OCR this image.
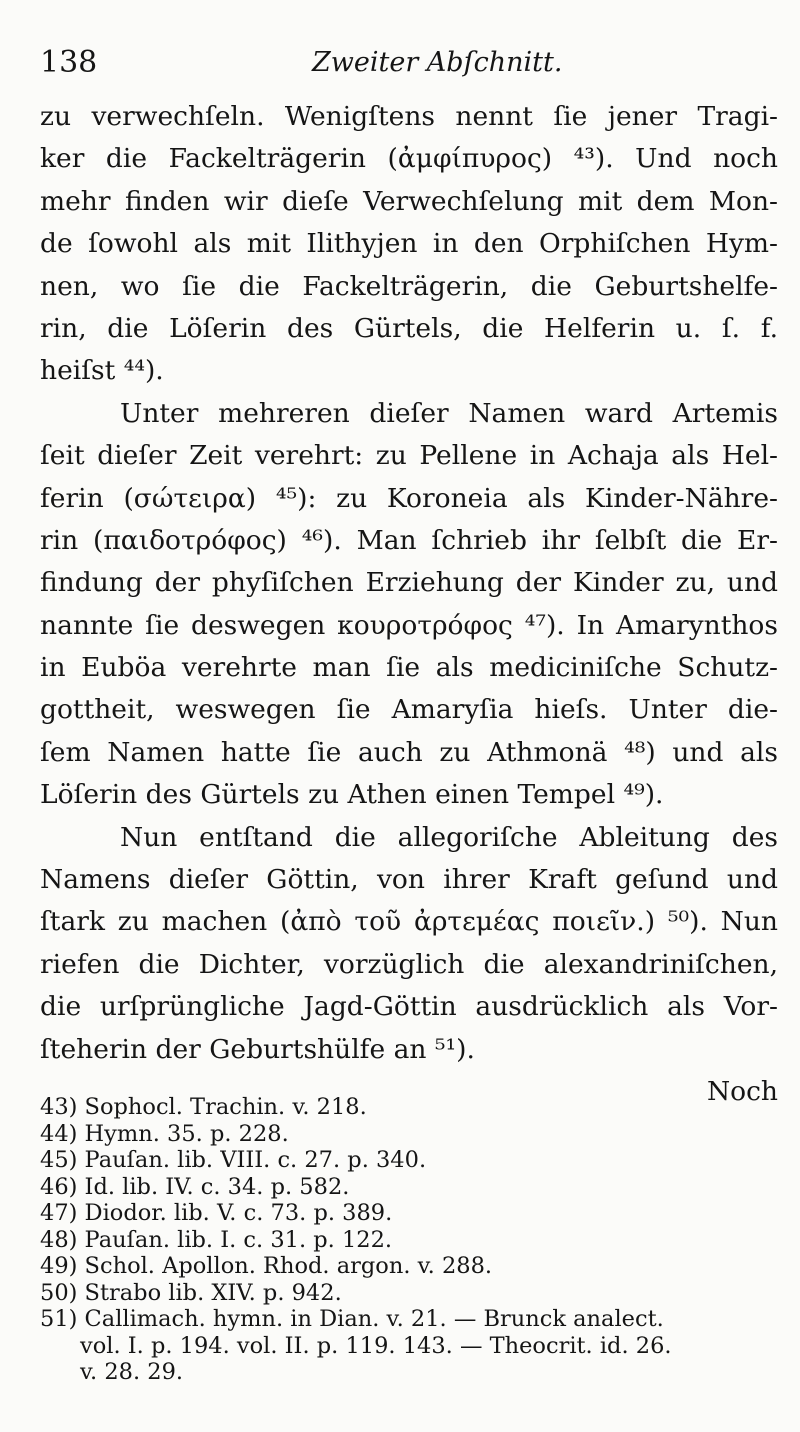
138	Zweiter Abſchnitt.
zu verwechſeln. Wenigſtens nennt ſie jener Tragi-
ker die Fackelträgerin (ἀμφίπυρος) ⁴³). Und noch
mehr finden wir dieſe Verwechſelung mit dem Mon-
de ſowohl als mit Ilithyjen in den Orphiſchen Hym-
nen, wo ſie die Fackelträgerin, die Geburtshelfe-
rin, die Löſerin des Gürtels, die Helferin u. ſ. f.
heiſst ⁴⁴).
Unter mehreren dieſer Namen ward Artemis
ſeit dieſer Zeit verehrt: zu Pellene in Achaja als Hel-
ferin (σώτειρα) ⁴⁵): zu Koroneia als Kinder-Nähre-
rin (παιδοτρόφος) ⁴⁶). Man ſchrieb ihr ſelbſt die Er-
findung der phyſiſchen Erziehung der Kinder zu, und
nannte ſie deswegen κουροτρόφος ⁴⁷). In Amarynthos
in Euböa verehrte man ſie als mediciniſche Schutz-
gottheit, weswegen ſie Amaryſia hieſs. Unter die-
ſem Namen hatte ſie auch zu Athmonä ⁴⁸) und als
Löſerin des Gürtels zu Athen einen Tempel ⁴⁹).
Nun entſtand die allegoriſche Ableitung des
Namens dieſer Göttin, von ihrer Kraft geſund und
ſtark zu machen (ἀπὸ τοῦ ἀρτεμέας ποιεῖν.) ⁵⁰). Nun
riefen die Dichter, vorzüglich die alexandriniſchen,
die urſprüngliche Jagd-Göttin ausdrücklich als Vor-
ſteherin der Geburtshülfe an ⁵¹).
Noch
43) Sophocl. Trachin. v. 218.
44) Hymn. 35. p. 228.
45) Pauſan. lib. VIII. c. 27. p. 340.
46) Id. lib. IV. c. 34. p. 582.
47) Diodor. lib. V. c. 73. p. 389.
48) Pauſan. lib. I. c. 31. p. 122.
49) Schol. Apollon. Rhod. argon. v. 288.
50) Strabo lib. XIV. p. 942.
51) Callimach. hymn. in Dian. v. 21. — Brunck analect.
vol. I. p. 194. vol. II. p. 119. 143. — Theocrit. id. 26.
v. 28. 29.
